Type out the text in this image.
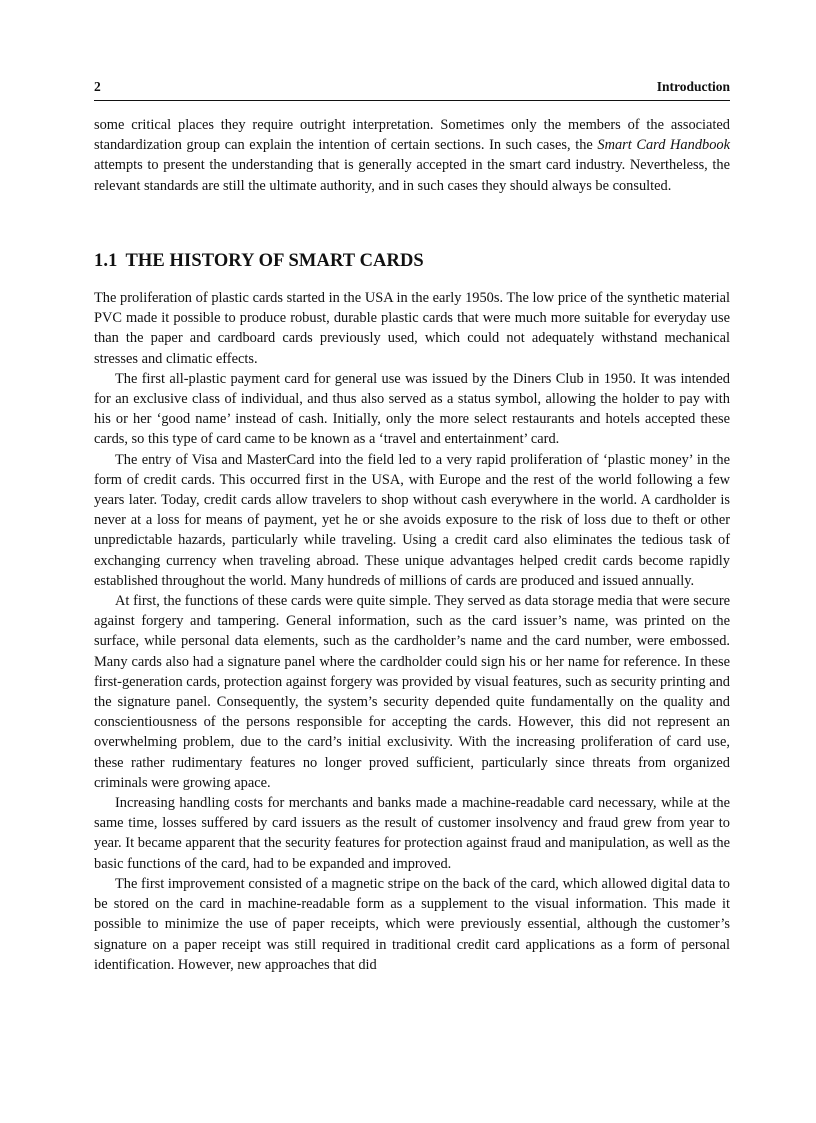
2	Introduction

some critical places they require outright interpretation. Sometimes only the members of the associated standardization group can explain the intention of certain sections. In such cases, the Smart Card Handbook attempts to present the understanding that is generally accepted in the smart card industry. Nevertheless, the relevant standards are still the ultimate authority, and in such cases they should always be consulted.

1.1 THE HISTORY OF SMART CARDS

The proliferation of plastic cards started in the USA in the early 1950s. The low price of the synthetic material PVC made it possible to produce robust, durable plastic cards that were much more suitable for everyday use than the paper and cardboard cards previously used, which could not adequately withstand mechanical stresses and climatic effects.

The first all-plastic payment card for general use was issued by the Diners Club in 1950. It was intended for an exclusive class of individual, and thus also served as a status symbol, allowing the holder to pay with his or her ‘good name’ instead of cash. Initially, only the more select restaurants and hotels accepted these cards, so this type of card came to be known as a ‘travel and entertainment’ card.

The entry of Visa and MasterCard into the field led to a very rapid proliferation of ‘plastic money’ in the form of credit cards. This occurred first in the USA, with Europe and the rest of the world following a few years later. Today, credit cards allow travelers to shop without cash everywhere in the world. A cardholder is never at a loss for means of payment, yet he or she avoids exposure to the risk of loss due to theft or other unpredictable hazards, particularly while traveling. Using a credit card also eliminates the tedious task of exchanging currency when traveling abroad. These unique advantages helped credit cards become rapidly established throughout the world. Many hundreds of millions of cards are produced and issued annually.

At first, the functions of these cards were quite simple. They served as data storage media that were secure against forgery and tampering. General information, such as the card issuer’s name, was printed on the surface, while personal data elements, such as the cardholder’s name and the card number, were embossed. Many cards also had a signature panel where the cardholder could sign his or her name for reference. In these first-generation cards, protection against forgery was provided by visual features, such as security printing and the signature panel. Consequently, the system’s security depended quite fundamentally on the quality and conscientiousness of the persons responsible for accepting the cards. However, this did not represent an overwhelming problem, due to the card’s initial exclusivity. With the increasing proliferation of card use, these rather rudimentary features no longer proved sufficient, particularly since threats from organized criminals were growing apace.

Increasing handling costs for merchants and banks made a machine-readable card necessary, while at the same time, losses suffered by card issuers as the result of customer insolvency and fraud grew from year to year. It became apparent that the security features for protection against fraud and manipulation, as well as the basic functions of the card, had to be expanded and improved.

The first improvement consisted of a magnetic stripe on the back of the card, which allowed digital data to be stored on the card in machine-readable form as a supplement to the visual information. This made it possible to minimize the use of paper receipts, which were previously essential, although the customer’s signature on a paper receipt was still required in traditional credit card applications as a form of personal identification. However, new approaches that did
